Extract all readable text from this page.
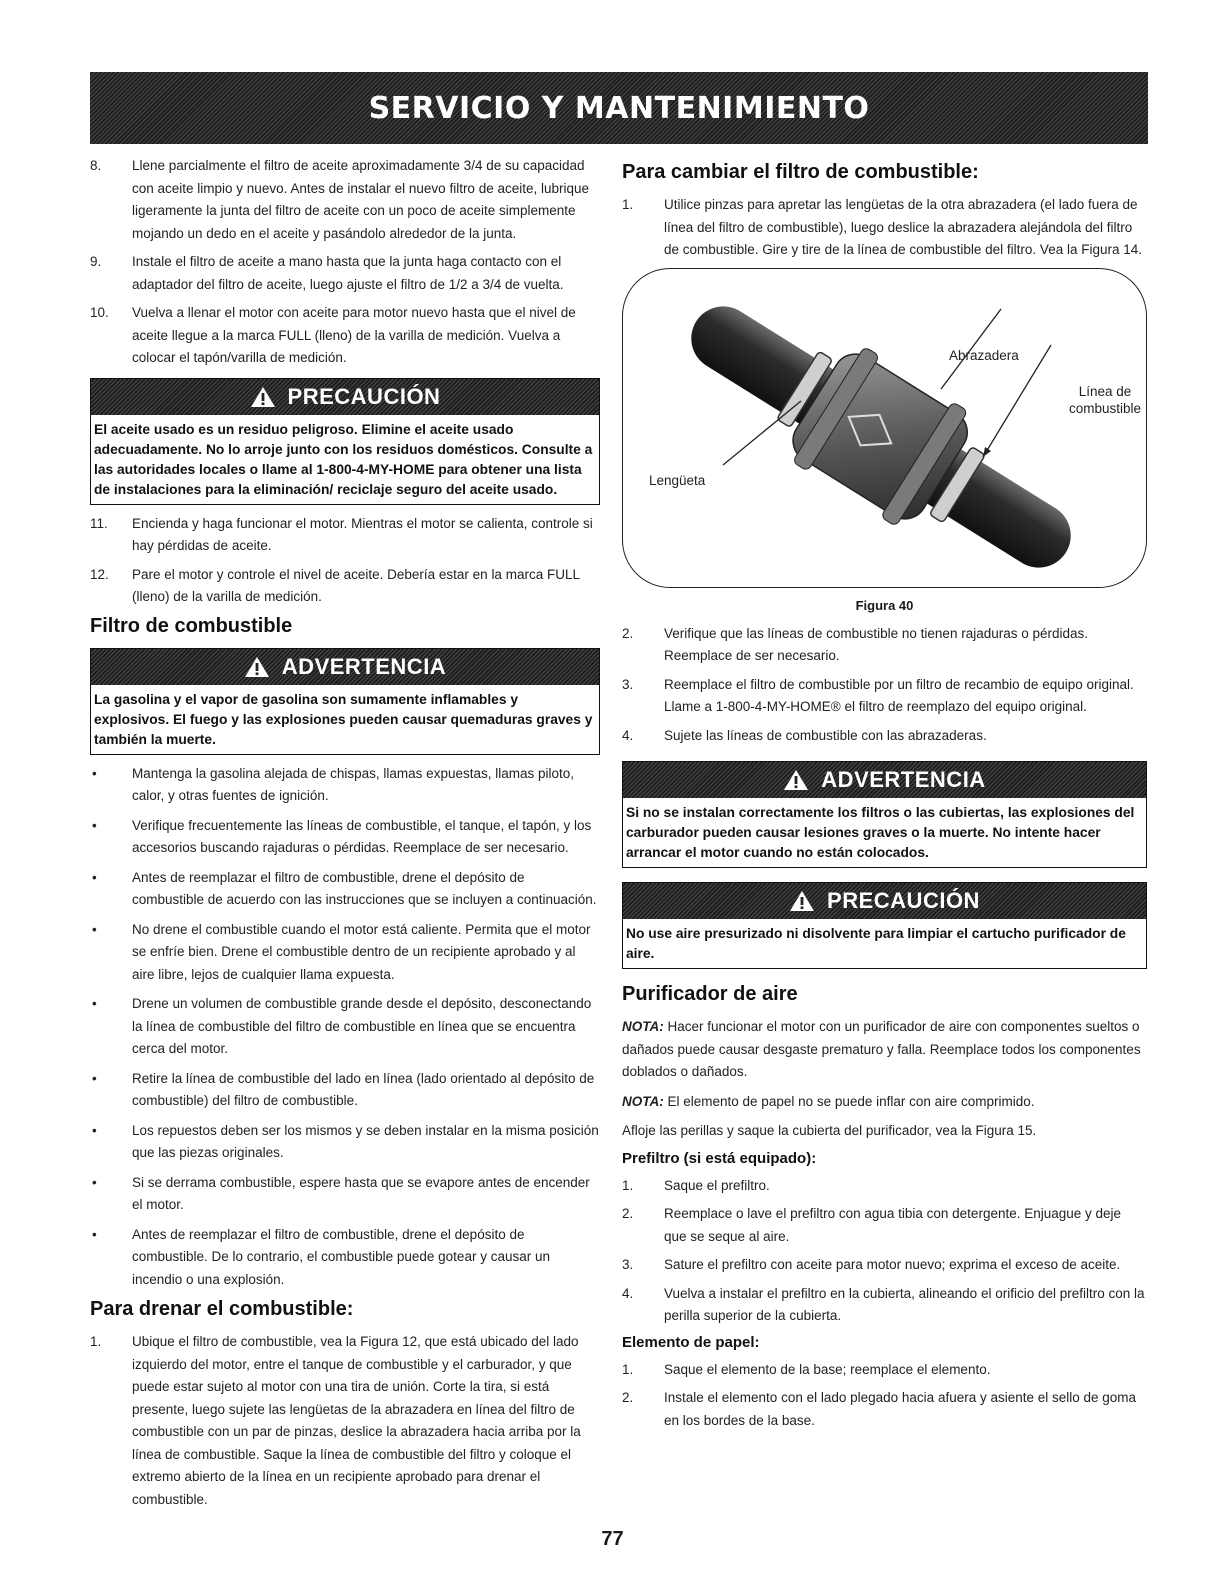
SERVICIO Y MANTENIMIENTO
8. Llene parcialmente el filtro de aceite aproximadamente 3/4 de su capacidad con aceite limpio y nuevo. Antes de instalar el nuevo filtro de aceite, lubrique ligeramente la junta del filtro de aceite con un poco de aceite simplemente mojando un dedo en el aceite y pasándolo alrededor de la junta.
9. Instale el filtro de aceite a mano hasta que la junta haga contacto con el adaptador del filtro de aceite, luego ajuste el filtro de 1/2 a 3/4 de vuelta.
10. Vuelva a llenar el motor con aceite para motor nuevo hasta que el nivel de aceite llegue a la marca FULL (lleno) de la varilla de medición. Vuelva a colocar el tapón/varilla de medición.
PRECAUCIÓN
El aceite usado es un residuo peligroso. Elimine el aceite usado adecuadamente. No lo arroje junto con los residuos domésticos. Consulte a las autoridades locales o llame al 1-800-4-MY-HOME para obtener una lista de instalaciones para la eliminación/ reciclaje seguro del aceite usado.
11. Encienda y haga funcionar el motor. Mientras el motor se calienta, controle si hay pérdidas de aceite.
12. Pare el motor y controle el nivel de aceite. Debería estar en la marca FULL (lleno) de la varilla de medición.
Filtro de combustible
ADVERTENCIA
La gasolina y el vapor de gasolina son sumamente inflamables y explosivos. El fuego y las explosiones pueden causar quemaduras graves y también la muerte.
•	Mantenga la gasolina alejada de chispas, llamas expuestas, llamas piloto, calor, y otras fuentes de ignición.
•	Verifique frecuentemente las líneas de combustible, el tanque, el tapón, y los accesorios buscando rajaduras o pérdidas. Reemplace de ser necesario.
•	Antes de reemplazar el filtro de combustible, drene el depósito de combustible de acuerdo con las instrucciones que se incluyen a continuación.
•	No drene el combustible cuando el motor está caliente. Permita que el motor se enfríe bien. Drene el combustible dentro de un recipiente aprobado y al aire libre, lejos de cualquier llama expuesta.
•	Drene un volumen de combustible grande desde el depósito, desconectando la línea de combustible del filtro de combustible en línea que se encuentra cerca del motor.
•	Retire la línea de combustible del lado en línea (lado orientado al depósito de combustible) del filtro de combustible.
•	Los repuestos deben ser los mismos y se deben instalar en la misma posición que las piezas originales.
•	Si se derrama combustible, espere hasta que se evapore antes de encender el motor.
•	Antes de reemplazar el filtro de combustible, drene el depósito de combustible. De lo contrario, el combustible puede gotear y causar un incendio o una explosión.
Para drenar el combustible:
1. Ubique el filtro de combustible, vea la Figura 12, que está ubicado del lado izquierdo del motor, entre el tanque de combustible y el carburador, y que puede estar sujeto al motor con una tira de unión. Corte la tira, si está presente, luego sujete las lengüetas de la abrazadera en línea del filtro de combustible con un par de pinzas, deslice la abrazadera hacia arriba por la línea de combustible. Saque la línea de combustible del filtro y coloque el extremo abierto de la línea en un recipiente aprobado para drenar el combustible.
Para cambiar el filtro de combustible:
1. Utilice pinzas para apretar las lengüetas de la otra abrazadera (el lado fuera de línea del filtro de combustible), luego deslice la abrazadera alejándola del filtro de combustible. Gire y tire de la línea de combustible del filtro. Vea la Figura 14.
Abrazadera
Línea de
combustible
Lengüeta
Figura 40
2. Verifique que las líneas de combustible no tienen rajaduras o pérdidas. Reemplace de ser necesario.
3. Reemplace el filtro de combustible por un filtro de recambio de equipo original. Llame a 1-800-4-MY-HOME® el filtro de reemplazo del equipo original.
4. Sujete las líneas de combustible con las abrazaderas.
ADVERTENCIA
Si no se instalan correctamente los filtros o las cubiertas, las explosiones del carburador pueden causar lesiones graves o la muerte. No intente hacer arrancar el motor cuando no están colocados.
PRECAUCIÓN
No use aire presurizado ni disolvente para limpiar el cartucho purificador de aire.
Purificador de aire
NOTA: Hacer funcionar el motor con un purificador de aire con componentes sueltos o dañados puede causar desgaste prematuro y falla. Reemplace todos los componentes doblados o dañados.
NOTA: El elemento de papel no se puede inflar con aire comprimido.
Afloje las perillas y saque la cubierta del purificador, vea la Figura 15.
Prefiltro (si está equipado):
1. Saque el prefiltro.
2. Reemplace o lave el prefiltro con agua tibia con detergente. Enjuague y deje que se seque al aire.
3. Sature el prefiltro con aceite para motor nuevo; exprima el exceso de aceite.
4. Vuelva a instalar el prefiltro en la cubierta, alineando el orificio del prefiltro con la perilla superior de la cubierta.
Elemento de papel:
1. Saque el elemento de la base; reemplace el elemento.
2. Instale el elemento con el lado plegado hacia afuera y asiente el sello de goma en los bordes de la base.
77
